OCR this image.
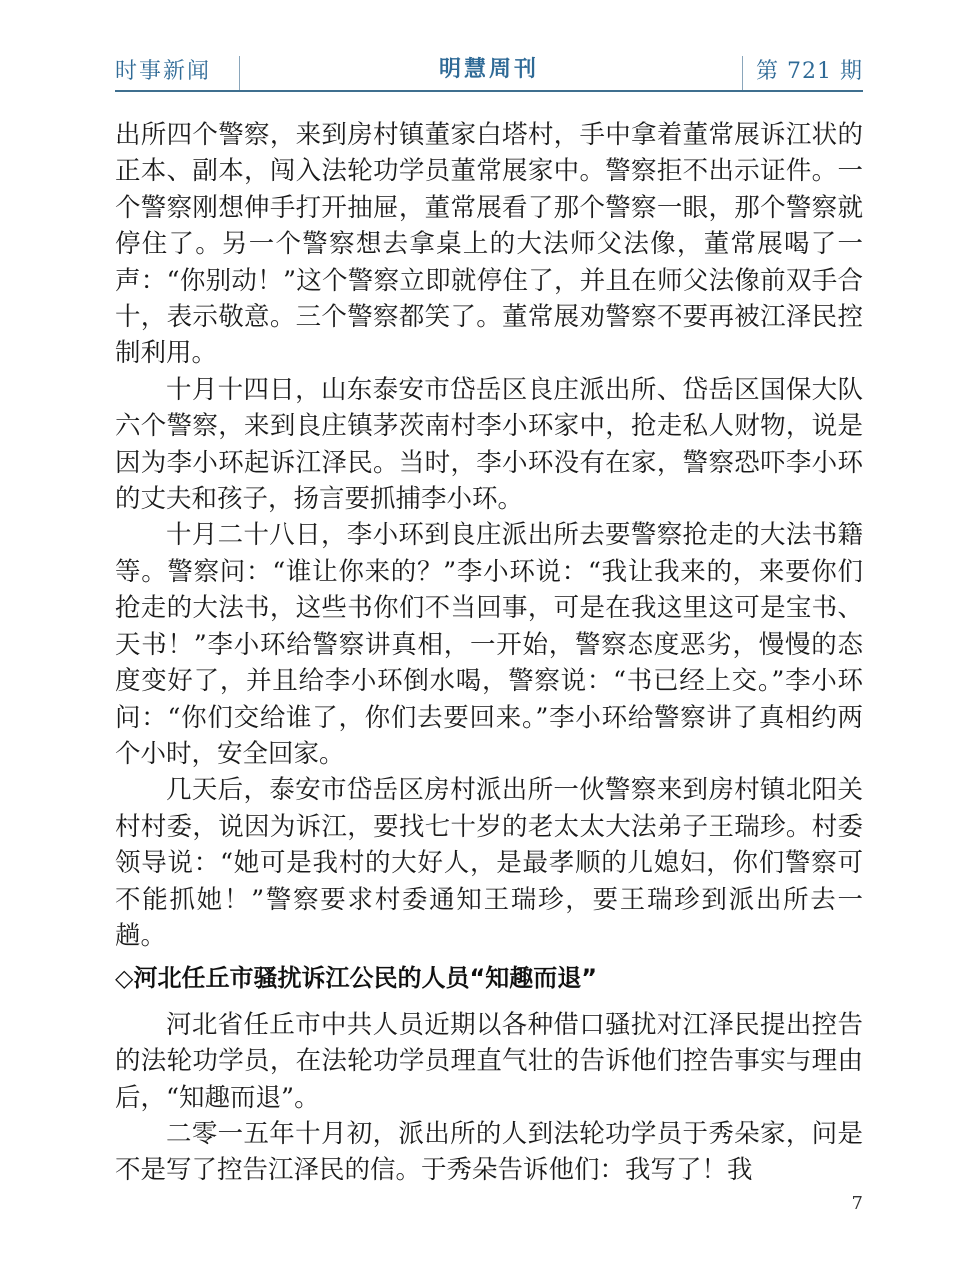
时事新闻	明慧周刊	第 721 期

出所四个警察，来到房村镇董家白塔村，手中拿着董常展诉江状的正本、副本，闯入法轮功学员董常展家中。警察拒不出示证件。一个警察刚想伸手打开抽屉，董常展看了那个警察一眼，那个警察就停住了。另一个警察想去拿桌上的大法师父法像，董常展喝了一声：“你别动！”这个警察立即就停住了，并且在师父法像前双手合十，表示敬意。三个警察都笑了。董常展劝警察不要再被江泽民控制利用。

十月十四日，山东泰安市岱岳区良庄派出所、岱岳区国保大队六个警察，来到良庄镇茅茨南村李小环家中，抢走私人财物，说是因为李小环起诉江泽民。当时，李小环没有在家，警察恐吓李小环的丈夫和孩子，扬言要抓捕李小环。

十月二十八日，李小环到良庄派出所去要警察抢走的大法书籍等。警察问：“谁让你来的？”李小环说：“我让我来的，来要你们抢走的大法书，这些书你们不当回事，可是在我这里这可是宝书、天书！”李小环给警察讲真相，一开始，警察态度恶劣，慢慢的态度变好了，并且给李小环倒水喝，警察说：“书已经上交。”李小环问：“你们交给谁了，你们去要回来。”李小环给警察讲了真相约两个小时，安全回家。

几天后，泰安市岱岳区房村派出所一伙警察来到房村镇北阳关村村委，说因为诉江，要找七十岁的老太太大法弟子王瑞珍。村委领导说：“她可是我村的大好人，是最孝顺的儿媳妇，你们警察可不能抓她！”警察要求村委通知王瑞珍，要王瑞珍到派出所去一趟。

◇河北任丘市骚扰诉江公民的人员“知趣而退”

河北省任丘市中共人员近期以各种借口骚扰对江泽民提出控告的法轮功学员，在法轮功学员理直气壮的告诉他们控告事实与理由后，“知趣而退”。

二零一五年十月初，派出所的人到法轮功学员于秀朵家，问是不是写了控告江泽民的信。于秀朵告诉他们：我写了！我

7
